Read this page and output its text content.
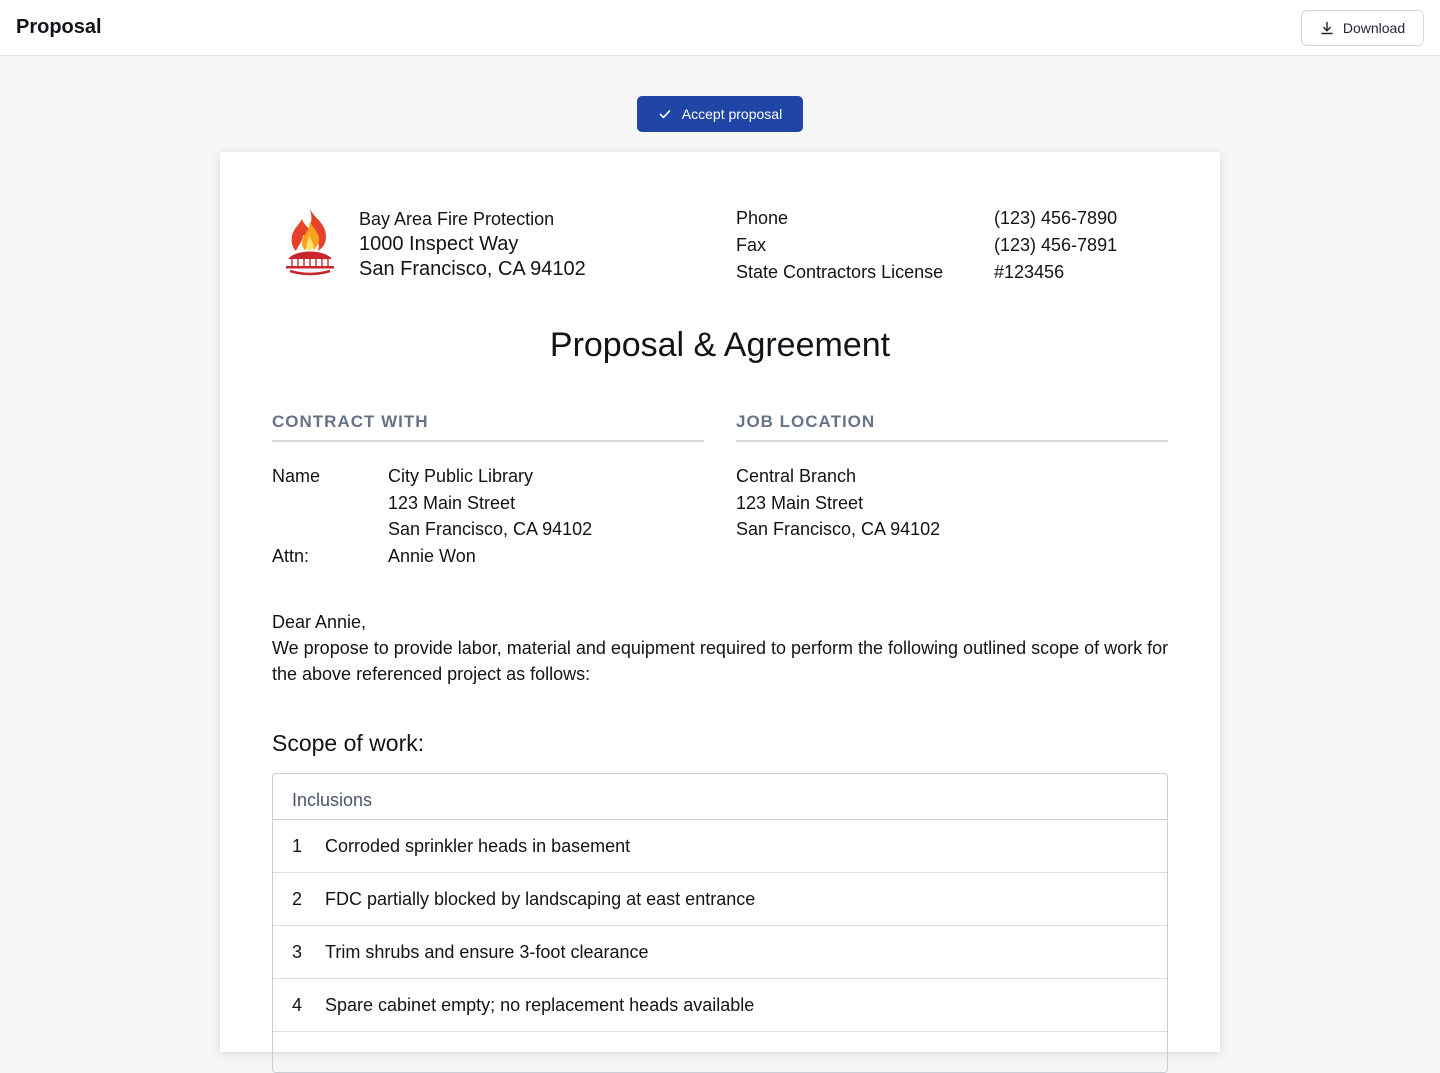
Proposal	Download
Accept proposal
Bay Area Fire Protection
1000 Inspect Way
San Francisco, CA 94102
Phone	(123) 456-7890
Fax	(123) 456-7891
State Contractors License	#123456
Proposal & Agreement
CONTRACT WITH	JOB LOCATION
Name	City Public Library
123 Main Street
San Francisco, CA 94102
Attn:	Annie Won
Central Branch
123 Main Street
San Francisco, CA 94102
Dear Annie,
We propose to provide labor, material and equipment required to perform the following outlined scope of work for the above referenced project as follows:
Scope of work:
Inclusions
1	Corroded sprinkler heads in basement
2	FDC partially blocked by landscaping at east entrance
3	Trim shrubs and ensure 3-foot clearance
4	Spare cabinet empty; no replacement heads available
